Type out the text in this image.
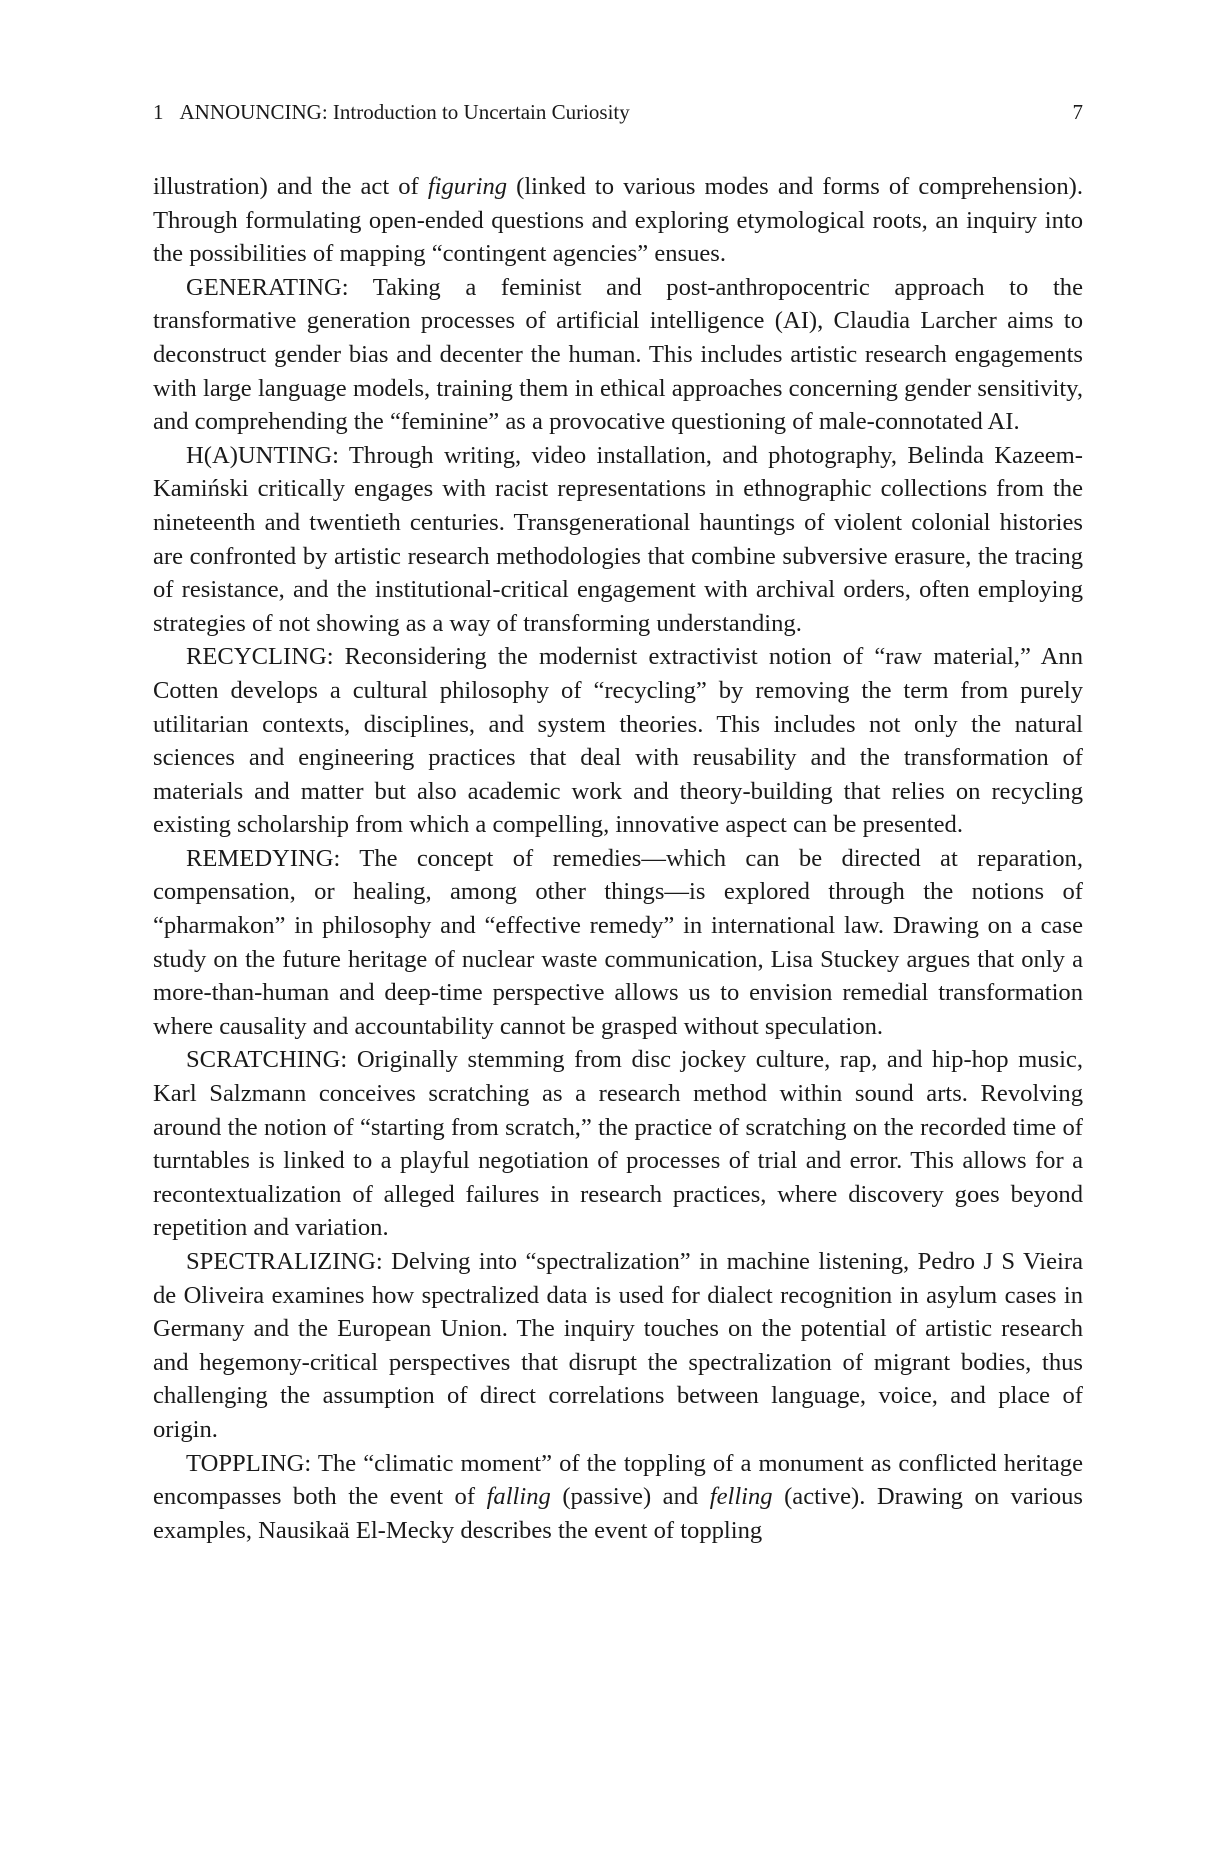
1 ANNOUNCING: Introduction to Uncertain Curiosity	7

illustration) and the act of figuring (linked to various modes and forms of comprehension). Through formulating open-ended questions and exploring etymological roots, an inquiry into the possibilities of mapping “contingent agencies” ensues.

GENERATING: Taking a feminist and post-anthropocentric approach to the transformative generation processes of artificial intelligence (AI), Claudia Larcher aims to deconstruct gender bias and decenter the human. This includes artistic research engagements with large language models, training them in ethical approaches concerning gender sensitivity, and comprehending the “feminine” as a provocative questioning of male-connotated AI.

H(A)UNTING: Through writing, video installation, and photography, Belinda Kazeem-Kamiński critically engages with racist representations in ethnographic collections from the nineteenth and twentieth centuries. Transgenerational hauntings of violent colonial histories are confronted by artistic research methodologies that combine subversive erasure, the tracing of resistance, and the institutional-critical engagement with archival orders, often employing strategies of not showing as a way of transforming understanding.

RECYCLING: Reconsidering the modernist extractivist notion of “raw material,” Ann Cotten develops a cultural philosophy of “recycling” by removing the term from purely utilitarian contexts, disciplines, and system theories. This includes not only the natural sciences and engineering practices that deal with reusability and the transformation of materials and matter but also academic work and theory-building that relies on recycling existing scholarship from which a compelling, innovative aspect can be presented.

REMEDYING: The concept of remedies—which can be directed at reparation, compensation, or healing, among other things—is explored through the notions of “pharmakon” in philosophy and “effective remedy” in international law. Drawing on a case study on the future heritage of nuclear waste communication, Lisa Stuckey argues that only a more-than-human and deep-time perspective allows us to envision remedial transformation where causality and accountability cannot be grasped without speculation.

SCRATCHING: Originally stemming from disc jockey culture, rap, and hip-hop music, Karl Salzmann conceives scratching as a research method within sound arts. Revolving around the notion of “starting from scratch,” the practice of scratching on the recorded time of turntables is linked to a playful negotiation of processes of trial and error. This allows for a recontextualization of alleged failures in research practices, where discovery goes beyond repetition and variation.

SPECTRALIZING: Delving into “spectralization” in machine listening, Pedro J S Vieira de Oliveira examines how spectralized data is used for dialect recognition in asylum cases in Germany and the European Union. The inquiry touches on the potential of artistic research and hegemony-critical perspectives that disrupt the spectralization of migrant bodies, thus challenging the assumption of direct correlations between language, voice, and place of origin.

TOPPLING: The “climatic moment” of the toppling of a monument as conflicted heritage encompasses both the event of falling (passive) and felling (active). Drawing on various examples, Nausikaä El-Mecky describes the event of toppling
